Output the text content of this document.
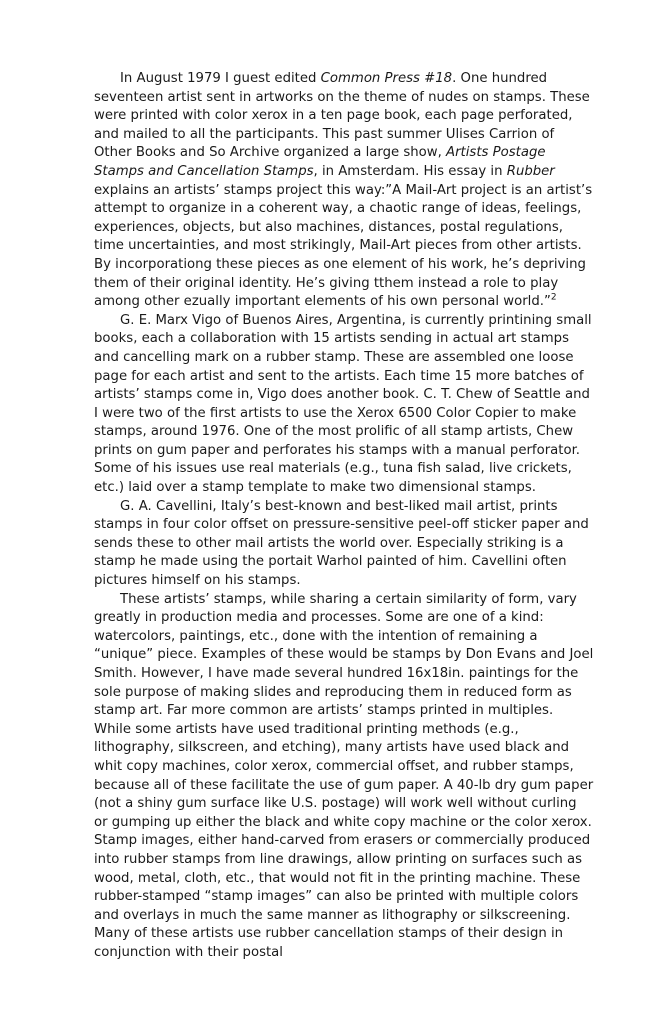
In August 1979 I guest edited Common Press #18. One hundred seventeen artist sent in artworks on the theme of nudes on stamps. These were printed with color xerox in a ten page book, each page perforated, and mailed to all the participants. This past summer Ulises Carrion of Other Books and So Archive organized a large show, Artists Postage Stamps and Cancellation Stamps, in Amsterdam. His essay in Rubber explains an artists’ stamps project this way:”A Mail-Art project is an artist’s attempt to organize in a coherent way, a chaotic range of ideas, feelings, experiences, objects, but also machines, distances, postal regulations, time uncertainties, and most strikingly, Mail-Art pieces from other artists. By incorporationg these pieces as one element of his work, he’s depriving them of their original identity. He’s giving tthem instead a role to play among other ezually important elements of his own personal world.”$^2$

G. E. Marx Vigo of Buenos Aires, Argentina, is currently printining small books, each a collaboration with 15 artists sending in actual art stamps and cancelling mark on a rubber stamp. These are assembled one loose page for each artist and sent to the artists. Each time 15 more batches of artists’ stamps come in, Vigo does another book. C. T. Chew of Seattle and I were two of the first artists to use the Xerox 6500 Color Copier to make stamps, around 1976. One of the most prolific of all stamp artists, Chew prints on gum paper and perforates his stamps with a manual perforator. Some of his issues use real materials (e.g., tuna fish salad, live crickets, etc.) laid over a stamp template to make two dimensional stamps.

G. A. Cavellini, Italy’s best-known and best-liked mail artist, prints stamps in four color offset on pressure-sensitive peel-off sticker paper and sends these to other mail artists the world over. Especially striking is a stamp he made using the portait Warhol painted of him. Cavellini often pictures himself on his stamps.

These artists’ stamps, while sharing a certain similarity of form, vary greatly in production media and processes. Some are one of a kind: watercolors, paintings, etc., done with the intention of remaining a “unique” piece. Examples of these would be stamps by Don Evans and Joel Smith. However, I have made several hundred 16x18in. paintings for the sole purpose of making slides and reproducing them in reduced form as stamp art. Far more common are artists’ stamps printed in multiples. While some artists have used traditional printing methods (e.g., lithography, silkscreen, and etching), many artists have used black and whit copy machines, color xerox, commercial offset, and rubber stamps, because all of these facilitate the use of gum paper. A 40-lb dry gum paper (not a shiny gum surface like U.S. postage) will work well without curling or gumping up either the black and white copy machine or the color xerox. Stamp images, either hand-carved from erasers or commercially produced into rubber stamps from line drawings, allow printing on surfaces such as wood, metal, cloth, etc., that would not fit in the printing machine. These rubber-stamped “stamp images” can also be printed with multiple colors and overlays in much the same manner as lithography or silkscreening. Many of these artists use rubber cancellation stamps of their design in conjunction with their postal
